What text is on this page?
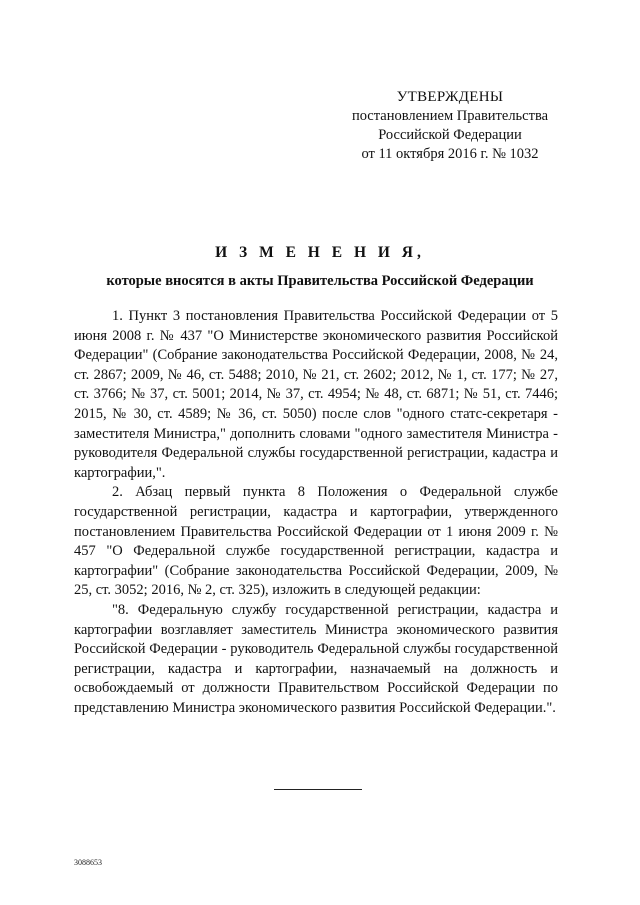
УТВЕРЖДЕНЫ
постановлением Правительства
Российской Федерации
от 11 октября 2016 г. № 1032
И З М Е Н Е Н И Я,
которые вносятся в акты Правительства Российской Федерации

1. Пункт 3 постановления Правительства Российской Федерации от 5 июня 2008 г. № 437 "О Министерстве экономического развития Российской Федерации" (Собрание законодательства Российской Федерации, 2008, № 24, ст. 2867; 2009, № 46, ст. 5488; 2010, № 21, ст. 2602; 2012, № 1, ст. 177; № 27, ст. 3766; № 37, ст. 5001; 2014, № 37, ст. 4954; № 48, ст. 6871; № 51, ст. 7446; 2015, № 30, ст. 4589; № 36, ст. 5050) после слов "одного статс-секретаря - заместителя Министра," дополнить словами "одного заместителя Министра - руководителя Федеральной службы государственной регистрации, кадастра и картографии,".

2. Абзац первый пункта 8 Положения о Федеральной службе государственной регистрации, кадастра и картографии, утвержденного постановлением Правительства Российской Федерации от 1 июня 2009 г. № 457 "О Федеральной службе государственной регистрации, кадастра и картографии" (Собрание законодательства Российской Федерации, 2009, № 25, ст. 3052; 2016, № 2, ст. 325), изложить в следующей редакции:

"8. Федеральную службу государственной регистрации, кадастра и картографии возглавляет заместитель Министра экономического развития Российской Федерации - руководитель Федеральной службы государственной регистрации, кадастра и картографии, назначаемый на должность и освобождаемый от должности Правительством Российской Федерации по представлению Министра экономического развития Российской Федерации.".

3088653
